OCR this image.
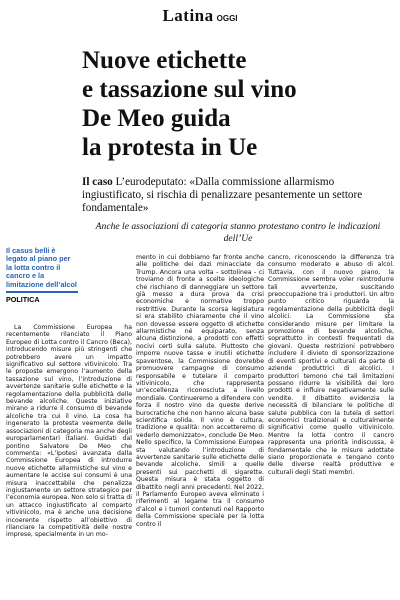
Latina OGGI
Nuove etichette
e tassazione sul vino
De Meo guida
la protesta in Ue
Il caso L’eurodeputato: «Dalla commissione allarmismo ingiustificato, si rischia di penalizzare pesantemente un settore fondamentale»
Anche le associazioni di categoria stanno protestano contro le indicazioni dell’Ue
Il casus belli è legato al piano per la lotta contro il cancro e la limitazione dell’alcol
POLITICA

La Commissione Europea ha recentemente rilanciato il Piano Europeo di Lotta contro il Cancro (Beca), introducendo misure più stringenti che potrebbero avere un impatto significativo sul settore vitivinicolo. Tra le proposte emergono l’aumento della tassazione sul vino, l’introduzione di avvertenze sanitarie sulle etichette e la regolamentazione della pubblicità delle bevande alcoliche. Queste iniziative mirano a ridurre il consumo di bevande alcoliche tra cui il vino. La cosa ha ingenerato la protesta veemente delle associazioni di categoria ma anche degli europarlamentari italiani. Guidati dal pontino Salvatore De Meo che commenta: «L’ipotesi avanzata dalla Commissione Europea di introdurre nuove etichette allarmistiche sul vino e aumentare le accise sui consumi è una misura inaccettabile che penalizza ingiustamente un settore strategico per l’economia europea. Non solo si tratta di un attacco ingiustificato al comparto vitivinicolo, ma è anche una decisione incoerente rispetto all’obiettivo di rilanciare la competitività delle nostre imprese, specialmente in un mo-

mento in cui dobbiamo far fronte anche alle politiche dei dazi minacciate da Trump. Ancora una volta - sottolinea - ci troviamo di fronte a scelte ideologiche che rischiano di danneggiare un settore già messo a dura prova da crisi economiche e normative troppo restrittive. Durante la scorsa legislatura si era stabilito chiaramente che il vino non dovesse essere oggetto di etichette allarmistiche né equiparato, senza alcuna distinzione, a prodotti con effetti nocivi certi sulla salute. Piuttosto che imporre nuove tasse e inutili etichette spaventose, la Commissione dovrebbe promuovere campagne di consumo responsabile e tutelare il comparto vitivinicolo, che rappresenta un’eccellenza riconosciuta a livello mondiale. Continueremo a difendere con forza il nostro vino da queste derive burocratiche che non hanno alcuna base scientifica solida. Il vino è cultura, tradizione e qualità: non accetteremo di vederlo demonizzato», conclude De Meo. Nello specifico, la Commissione Europea sta valutando l’introduzione di avvertenze sanitarie sulle etichette delle bevande alcoliche, simili a quelle presenti sui pacchetti di sigarette. Questa misura è stata oggetto di dibattito negli anni precedenti. Nel 2022, il Parlamento Europeo aveva eliminato i riferimenti al legame tra il consumo d’alcol e i tumori contenuti nel Rapporto della Commissione speciale per la lotta contro il

cancro, riconoscendo la differenza tra consumo moderato e abuso di alcol. Tuttavia, con il nuovo piano, la Commissione sembra voler reintrodurre tali avvertenze, suscitando preoccupazione tra i produttori. Un altro punto critico riguarda la regolamentazione della pubblicità degli alcolici. La Commissione sta considerando misure per limitare la promozione di bevande alcoliche, soprattutto in contesti frequentati da giovani. Queste restrizioni potrebbero includere il divieto di sponsorizzazione di eventi sportivi e culturali da parte di aziende produttrici di alcolici. I produttori temono che tali limitazioni possano ridurre la visibilità dei loro prodotti e influire negativamente sulle vendite. Il dibattito evidenzia la necessità di bilanciare le politiche di salute pubblica con la tutela di settori economici tradizionali e culturalmente significativi come quello vitivinicolo. Mentre la lotta contro il cancro rappresenta una priorità indiscussa, è fondamentale che le misure adottate siano proporzionate e tengano conto delle diverse realtà produttive e culturali degli Stati membri.
